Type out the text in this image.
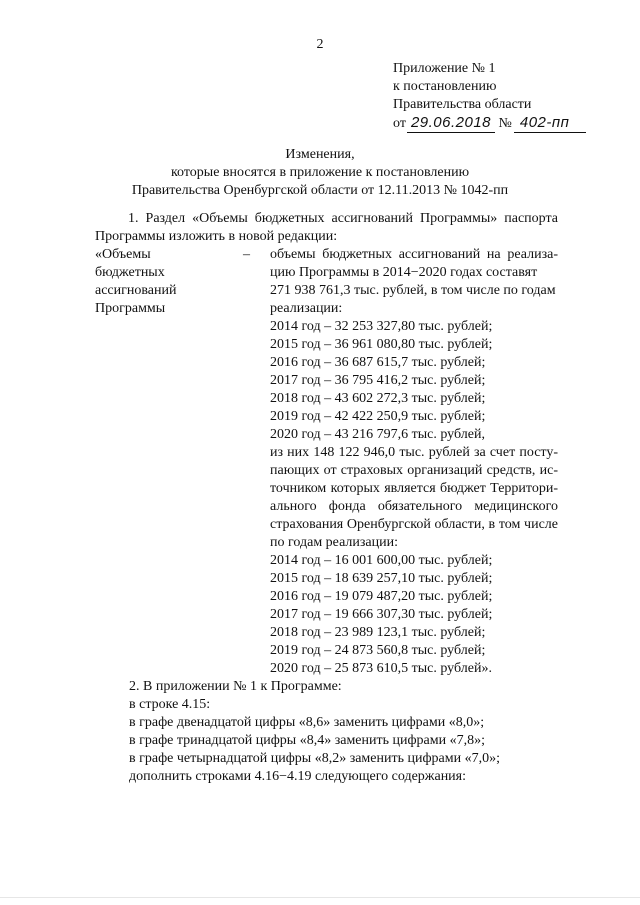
2
Приложение № 1
к постановлению
Правительства области
от 29.06.2018 № 402-пп
Изменения,
которые вносятся в приложение к постановлению
Правительства Оренбургской области от 12.11.2013 № 1042-пп
1. Раздел «Объемы бюджетных ассигнований Программы» паспорта
Программы изложить в новой редакции:
«Объемы
бюджетных
ассигнований
Программы
– объемы бюджетных ассигнований на реализа-
цию Программы в 2014−2020 годах составят
271 938 761,3 тыс. рублей, в том числе по годам
реализации:
2014 год – 32 253 327,80 тыс. рублей;
2015 год – 36 961 080,80 тыс. рублей;
2016 год – 36 687 615,7 тыс. рублей;
2017 год – 36 795 416,2 тыс. рублей;
2018 год – 43 602 272,3 тыс. рублей;
2019 год – 42 422 250,9 тыс. рублей;
2020 год – 43 216 797,6 тыс. рублей,
из них 148 122 946,0 тыс. рублей за счет посту-
пающих от страховых организаций средств, ис-
точником которых является бюджет Территори-
ального фонда обязательного медицинского
страхования Оренбургской области, в том числе
по годам реализации:
2014 год – 16 001 600,00 тыс. рублей;
2015 год – 18 639 257,10 тыс. рублей;
2016 год – 19 079 487,20 тыс. рублей;
2017 год – 19 666 307,30 тыс. рублей;
2018 год – 23 989 123,1 тыс. рублей;
2019 год – 24 873 560,8 тыс. рублей;
2020 год – 25 873 610,5 тыс. рублей».
2. В приложении № 1 к Программе:
в строке 4.15:
в графе двенадцатой цифры «8,6» заменить цифрами «8,0»;
в графе тринадцатой цифры «8,4» заменить цифрами «7,8»;
в графе четырнадцатой цифры «8,2» заменить цифрами «7,0»;
дополнить строками 4.16−4.19 следующего содержания:
